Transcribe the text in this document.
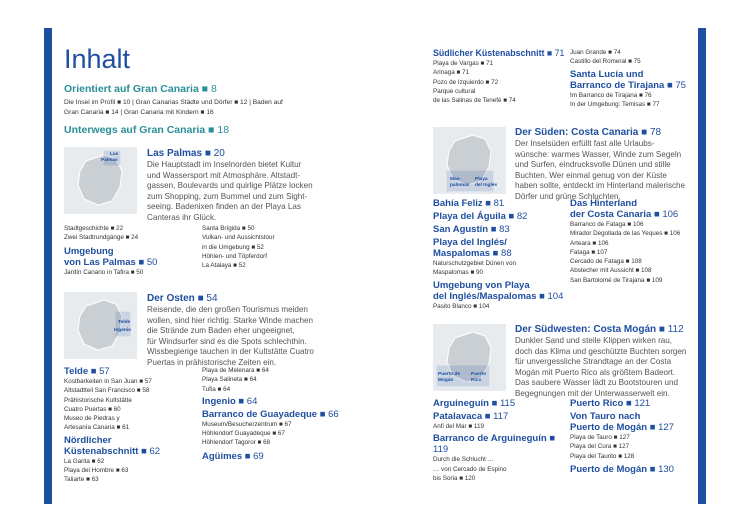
Inhalt
Orientiert auf Gran Canaria ■ 8
Die Insel im Profil ■ 10 | Gran Canarias Städte und Dörfer ■ 12 | Baden auf
Gran Canaria ■ 14 | Gran Canaria mit Kindern ■ 16
Unterwegs auf Gran Canaria ■ 18
Las
Palmas
Las Palmas ■ 20
Die Hauptstadt im Inselnorden bietet Kultur
und Wassersport mit Atmosphäre. Altstadt-
gassen, Boulevards und quirlige Plätze locken
zum Shopping, zum Bummel und zum Sight-
seeing. Badenixen finden an der Playa Las
Canteras ihr Glück.
Stadtgeschichte ■ 22
Zwei Stadtrundgänge ■ 24
Umgebung
von Las Palmas ■ 50
Jardín Canario in Tafira ■ 50
Santa Brígida ■ 50
Vulkan- und Aussichtstour
in die Umgebung ■ 52
Höhlen- und Töpferdorf
La Atalaya ■ 52
Telde
Ingenio
Der Osten ■ 54
Reisende, die den großen Tourismus meiden
wollen, sind hier richtig. Starke Winde machen
die Strände zum Baden eher ungeeignet,
für Windsurfer sind es die Spots schlechthin.
Wissbegierige tauchen in der Kultstätte Cuatro
Puertas in prähistorische Zeiten ein.
Telde ■ 57
Kostbarkeiten in San Juan ■ 57
Altstadtteil San Francisco ■ 58
Prähistorische Kultstätte
Cuatro Puertas ■ 60
Museo de Piedras y
Artesanía Canaria ■ 61
Nördlicher
Küstenabschnitt ■ 62
La Garita ■ 62
Playa del Hombre ■ 63
Taliarte ■ 63
Playa de Melenara ■ 64
Playa Salineta ■ 64
Tufia ■ 64
Ingenio ■ 64
Barranco de Guayadeque ■ 66
Museum/Besucherzentrum ■ 67
Höhlendorf Guayadeque ■ 67
Höhlendorf Tagoror ■ 68
Agüimes ■ 69
Südlicher Küstenabschnitt ■ 71
Playa de Vargas ■ 71
Arinaga ■ 71
Pozo de Izquierdo ■ 72
Parque cultural
de las Salinas de Tenefé ■ 74
Juan Grande ■ 74
Castillo del Romeral ■ 75
Santa Lucía und
Barranco de Tirajana ■ 75
Im Barranco de Tirajana ■ 76
In der Umgebung: Temisas ■ 77
Mas-
palomas
Playa
del Inglés
Der Süden: Costa Canaria ■ 78
Der Inselsüden erfüllt fast alle Urlaubs-
wünsche: warmes Wasser, Winde zum Segeln
und Surfen, eindrucksvolle Dünen und stille
Buchten. Wer einmal genug von der Küste
haben sollte, entdeckt im Hinterland malerische
Dörfer und grüne Schluchten.
Bahía Feliz ■ 81
Playa del Águila ■ 82
San Agustín ■ 83
Playa del Inglés/
Maspalomas ■ 88
Naturschutzgebiet Dünen von
Maspalomas ■ 90
Umgebung von Playa
del Inglés/Maspalomas ■ 104
Pasito Blanco ■ 104
Das Hinterland
der Costa Canaria ■ 106
Barranco de Fataga ■ 106
Mirador Degollada de las Yeques ■ 106
Arteara ■ 106
Fataga ■ 107
Cercado de Fataga ■ 108
Abstecher mit Aussicht ■ 108
San Bartolomé de Tirajana ■ 109
Puerto de
Mogán
Puerto
Rico
Der Südwesten: Costa Mogán ■ 112
Dunkler Sand und steile Klippen wirken rau,
doch das Klima und geschützte Buchten sorgen
für unvergessliche Strandtage an der Costa
Mogán mit Puerto Rico als größtem Badeort.
Das saubere Wasser lädt zu Bootstouren und
Begegnungen mit der Unterwasserwelt ein.
Arguineguín ■ 115
Patalavaca ■ 117
Anfi del Mar ■ 119
Barranco de Arguineguín ■ 119
Durch die Schlucht …
… von Cercado de Espino
bis Soria ■ 120
Puerto Rico ■ 121
Von Tauro nach
Puerto de Mogán ■ 127
Playa de Tauro ■ 127
Playa del Cura ■ 127
Playa del Taurito ■ 128
Puerto de Mogán ■ 130
